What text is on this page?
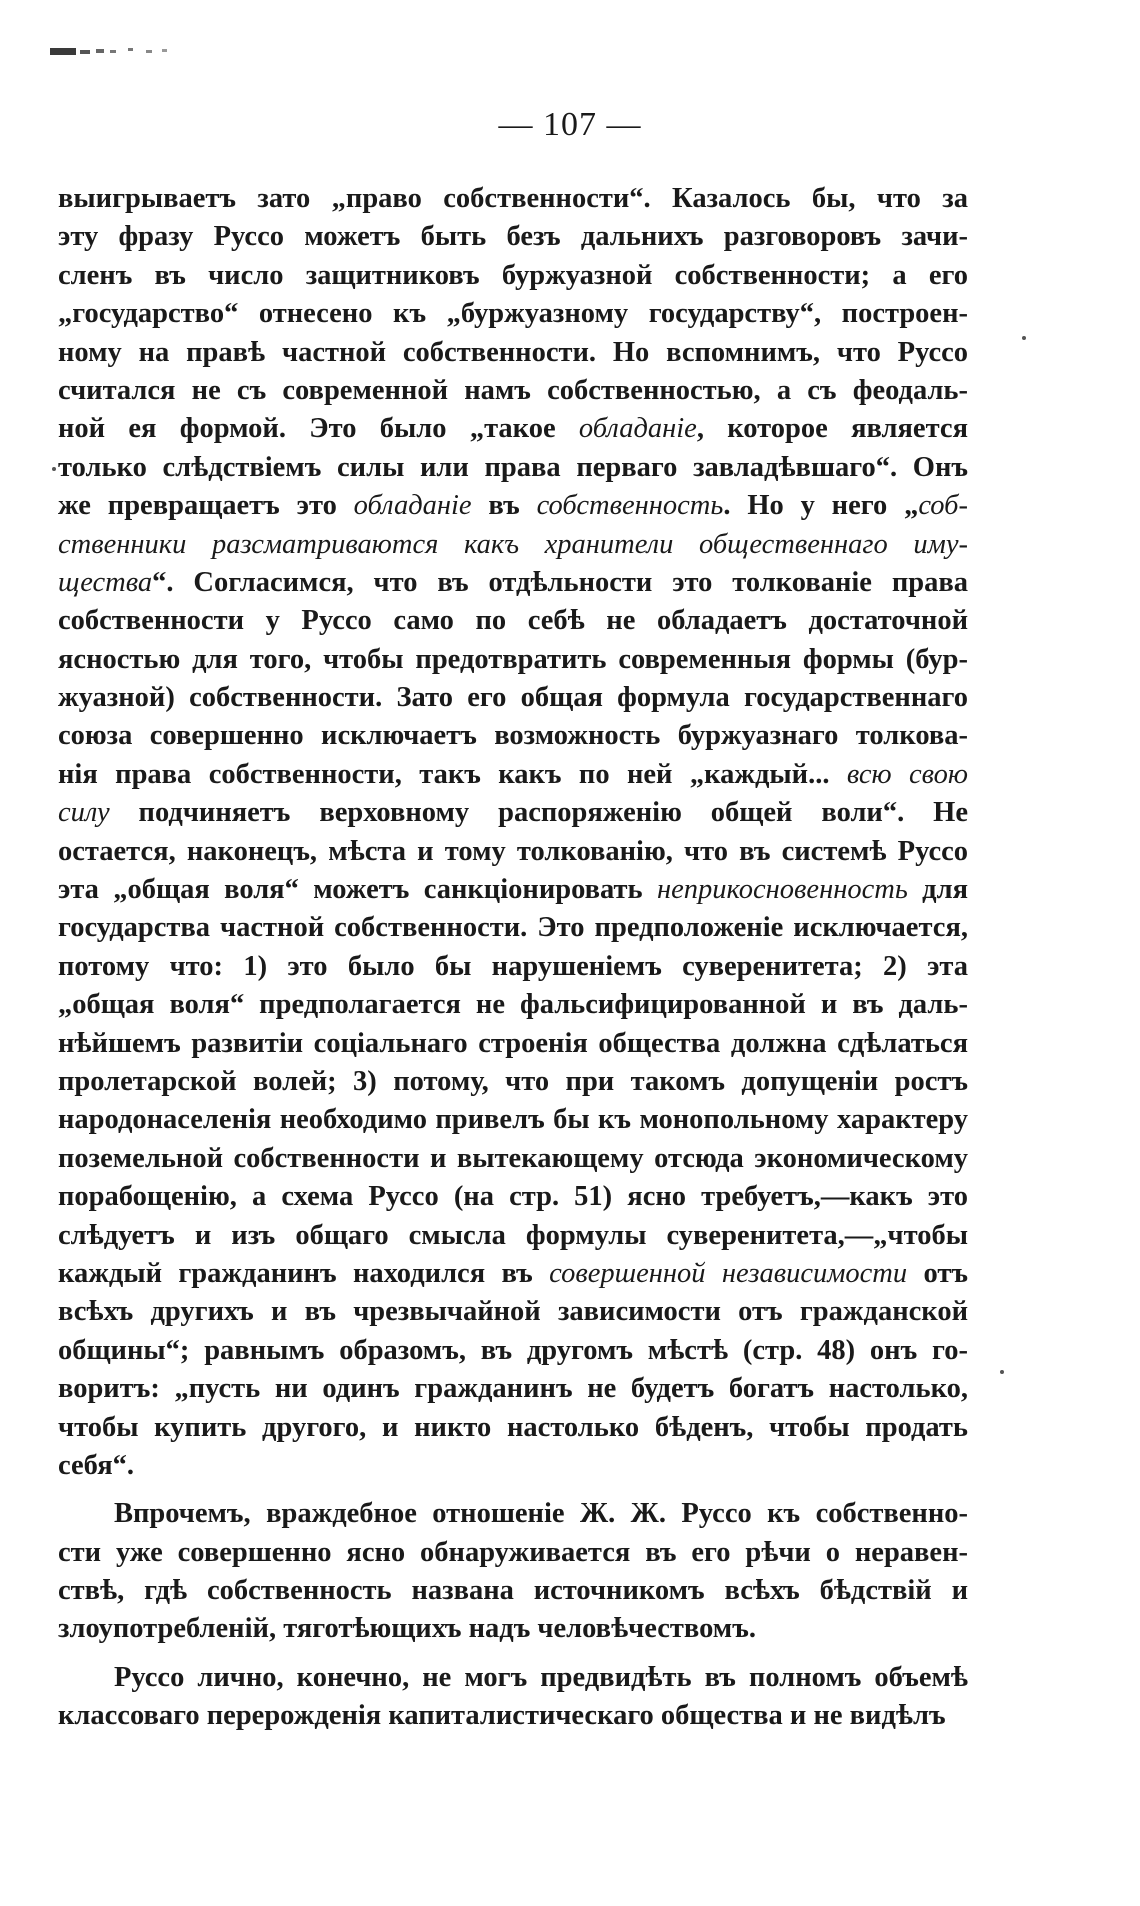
— 107 —
выигрываетъ зато „право собственности“. Казалось бы, что за
эту фразу Руссо можетъ быть безъ дальнихъ разговоровъ зачи-
сленъ въ число защитниковъ буржуазной собственности; а его
„государство“ отнесено къ „буржуазному государству“, построен-
ному на правѣ частной собственности. Но вспомнимъ, что Руссо
считался не съ современной намъ собственностью, а съ феодаль-
ной ея формой. Это было „такое обладаніе, которое является
только слѣдствіемъ силы или права перваго завладѣвшаго“. Онъ
же превращаетъ это обладаніе въ собственность. Но у него „соб-
ственники разсматриваются какъ хранители общественнаго иму-
щества“. Согласимся, что въ отдѣльности это толкованіе права
собственности у Руссо само по себѣ не обладаетъ достаточной
ясностью для того, чтобы предотвратить современныя формы (бур-
жуазной) собственности. Зато его общая формула государственнаго
союза совершенно исключаетъ возможность буржуазнаго толкова-
нія права собственности, такъ какъ по ней „каждый... всю свою
силу подчиняетъ верховному распоряженію общей воли“. Не
остается, наконецъ, мѣста и тому толкованію, что въ системѣ Руссо
эта „общая воля“ можетъ санкціонировать неприкосновенность для
государства частной собственности. Это предположеніе исключается,
потому что: 1) это было бы нарушеніемъ суверенитета; 2) эта
„общая воля“ предполагается не фальсифицированной и въ даль-
нѣйшемъ развитіи соціальнаго строенія общества должна сдѣлаться
пролетарской волей; 3) потому, что при такомъ допущеніи ростъ
народонаселенія необходимо привелъ бы къ монопольному характеру
поземельной собственности и вытекающему отсюда экономическому
порабощенію, а схема Руссо (на стр. 51) ясно требуетъ,—какъ это
слѣдуетъ и изъ общаго смысла формулы суверенитета,—„чтобы
каждый гражданинъ находился въ совершенной независимости отъ
всѣхъ другихъ и въ чрезвычайной зависимости отъ гражданской
общины“; равнымъ образомъ, въ другомъ мѣстѣ (стр. 48) онъ го-
воритъ: „пусть ни одинъ гражданинъ не будетъ богатъ настолько,
чтобы купить другого, и никто настолько бѣденъ, чтобы продать
себя“.
Впрочемъ, враждебное отношеніе Ж. Ж. Руссо къ собственно-
сти уже совершенно ясно обнаруживается въ его рѣчи о неравен-
ствѣ, гдѣ собственность названа источникомъ всѣхъ бѣдствій и
злоупотребленій, тяготѣющихъ надъ человѣчествомъ.
Руссо лично, конечно, не могъ предвидѣть въ полномъ объемѣ
классоваго перерожденія капиталистическаго общества и не видѣлъ
